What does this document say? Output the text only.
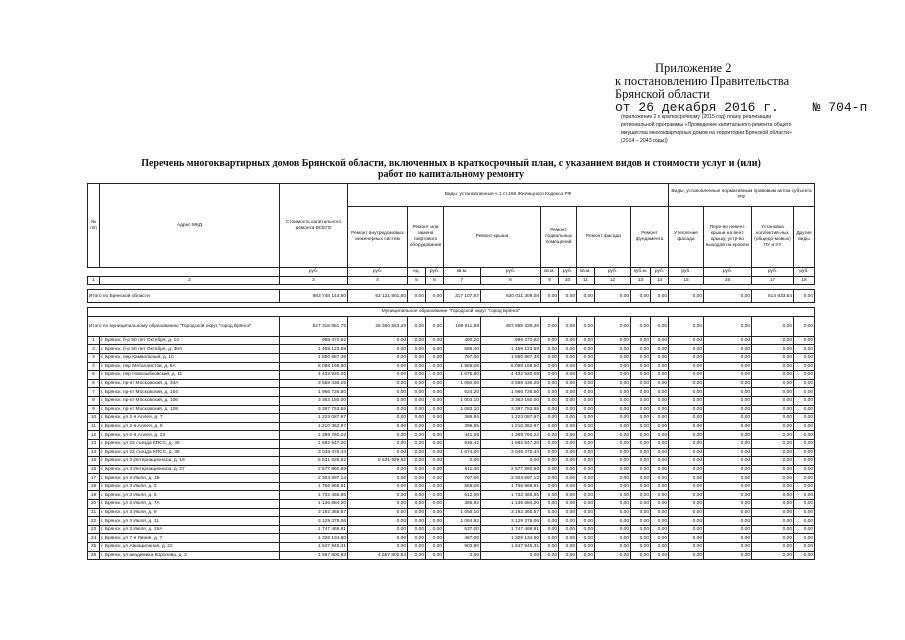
Приложение 2
к постановлению Правительства
Брянской области
от 26 декабря 2016 г.	№ 704-п
(приложение 2 к краткосрочному (2015 год) плану реализации
региональной программы «Проведение капитального ремонта общего
имущества многоквартирных домов на территории Брянской области»
(2014 – 2043 годы))
Перечень многоквартирных домов Брянской области, включенных в краткосрочный план, с указанием видов и стоимости услуг и (или)
работ по капитальному ремонту
№ п/п	Адрес МКД	Стоимость капитального ремонта ВСЕГО	Виды, установленные ч.1 ст.166 Жилищного Кодекса РФ											Виды, установленные нормативным правовым актом субъекта РФ			
			Ремонт внутридомовых инженерных систем	Ремонт или замена лифтового оборудования		Ремонт крыши		Ремонт подвальных помещений		Ремонт фасада		Ремонт фундамента		Утепление фасада	Пере-во невент. крыши на вент. крышу, устр-во выходов на кровлю	Установка коллектив-ных (общедо-мовых) ПУ и УУ	Другие виды
		руб.	руб.	ед.	руб.	кв.м.	руб.	кв.м.	руб.	кв.м.	руб.	куб.м.	руб.	руб.	руб.	руб.	руб.
1	2	3	4	5	6	7	8	9	10	11	12	13	14	15	16	17	18

Итого по Брянской области		893 748 144,50	63 121 901,80	0,00	0,00	317 107,87	830 011 309,08	0,00	0,00	0,00	0,00	0,00	0,00	0,00	0,00	614 933,64	0,00

Муниципальное образование "Городской округ "город Брянск"																	
Итого по муниципальному образованию "Городской округ "город Брянск"		527 318 881,75	26 360 553,29	0,00	0,00	189 811,58	487 958 328,46	0,00	0,00	0,00	0,00	0,00	0,00	0,00	0,00	0,00	0,00
1	г. Брянск, б-р 50 лет Октября, д. 14	998 372,62	0,00	0,00	0,00	490,20	998 372,62	0,00	0,00	0,00	0,00	0,00	0,00	0,00	0,00	0,00	0,00
2	г. Брянск, б-р 50 лет Октября, д. 36А	1 459 123,59	0,00	0,00	0,00	586,40	1 459 123,59	0,00	0,00	0,00	0,00	0,00	0,00	0,00	0,00	0,00	0,00
3	г. Брянск, пер Камвольный, д. 10	1 850 887,38	0,00	0,00	0,00	797,00	1 850 887,38	0,00	0,00	0,00	0,00	0,00	0,00	0,00	0,00	0,00	0,00
4	г. Брянск, пер Металлистов, д. 8А	6 098 168,50	0,00	0,00	0,00	1 959,00	6 098 168,50	0,00	0,00	0,00	0,00	0,00	0,00	0,00	0,00	0,00	0,00
5	г. Брянск, пер Новозыбковский, д. 11	4 432 920,05	0,00	0,00	0,00	1 675,60	4 432 920,05	0,00	0,00	0,00	0,00	0,00	0,00	0,00	0,00	0,00	0,00
6	г. Брянск, пр-кт Московский, д. 34А	3 568 436,25	0,00	0,00	0,00	1 060,00	3 568 436,25	0,00	0,00	0,00	0,00	0,00	0,00	0,00	0,00	0,00	0,00
7	г. Брянск, пр-кт Московский, д. 104	1 966 726,50	0,00	0,00	0,00	624,20	1 966 726,50	0,00	0,00	0,00	0,00	0,00	0,00	0,00	0,00	0,00	0,00
8	г. Брянск, пр-кт Московский, д. 106	3 363 150,00	0,00	0,00	0,00	1 003,10	3 363 150,00	0,00	0,00	0,00	0,00	0,00	0,00	0,00	0,00	0,00	0,00
9	г. Брянск, пр-кт Московский, д. 108	3 397 753,55	0,00	0,00	0,00	1 083,10	3 397 753,55	0,00	0,00	0,00	0,00	0,00	0,00	0,00	0,00	0,00	0,00
10	г. Брянск, ул 2-я Аллея, д. 7	1 223 087,97	0,00	0,00	0,00	386,94	1 223 087,97	0,00	0,00	0,00	0,00	0,00	0,00	0,00	0,00	0,00	0,00
11	г. Брянск, ул 2-я Аллея, д. 9	1 210 362,97	0,00	0,00	0,00	396,65	1 210 362,97	0,00	0,00	0,00	0,00	0,00	0,00	0,00	0,00	0,00	0,00
12	г. Брянск, ул 2-я Аллея, д. 23	1 389 760,22	0,00	0,00	0,00	441,06	1 389 760,22	0,00	0,00	0,00	0,00	0,00	0,00	0,00	0,00	0,00	0,00
13	г. Брянск, ул 22 съезда КПСС, д. 35	1 682 547,20	0,00	0,00	0,00	936,42	1 682 547,20	0,00	0,00	0,00	0,00	0,00	0,00	0,00	0,00	0,00	0,00
14	г. Брянск, ул 22 съезда КПСС, д. 39	3 048 376,44	0,00	0,00	0,00	1 674,00	3 048 376,44	0,00	0,00	0,00	0,00	0,00	0,00	0,00	0,00	0,00	0,00
15	г. Брянск, ул 3 Интернационала, д. 19	5 531 929,82	5 531 929,82	0,00	0,00	0,00	0,00	0,00	0,00	0,00	0,00	0,00	0,00	0,00	0,00	0,00	0,00
16	г. Брянск, ул 3 Интернационала, д. 27	2 577 860,89	0,00	0,00	0,00	811,30	2 577 860,89	0,00	0,00	0,00	0,00	0,00	0,00	0,00	0,00	0,00	0,00
17	г. Брянск, ул 3 Июля, д. 1Б	2 303 697,13	0,00	0,00	0,00	797,00	2 303 697,13	0,00	0,00	0,00	0,00	0,00	0,00	0,00	0,00	0,00	0,00
18	г. Брянск, ул 3 Июля, д. 3	1 766 968,91	0,00	0,00	0,00	559,00	1 766 968,91	0,00	0,00	0,00	0,00	0,00	0,00	0,00	0,00	0,00	0,00
19	г. Брянск, ул 3 Июля, д. 5	1 732 466,85	0,00	0,00	0,00	612,00	1 732 466,85	0,00	0,00	0,00	0,00	0,00	0,00	0,00	0,00	0,00	0,00
20	г. Брянск, ул 3 Июля, д. 7А	1 136 684,20	0,00	0,00	0,00	385,92	1 136 684,20	0,00	0,00	0,00	0,00	0,00	0,00	0,00	0,00	0,00	0,00
21	г. Брянск, ул 3 Июля, д. 9	3 192 365,57	0,00	0,00	0,00	1 055,10	3 192 365,57	0,00	0,00	0,00	0,00	0,00	0,00	0,00	0,00	0,00	0,00
22	г. Брянск, ул 3 Июля, д. 11	3 129 378,06	0,00	0,00	0,00	1 064,92	3 129 378,06	0,00	0,00	0,00	0,00	0,00	0,00	0,00	0,00	0,00	0,00
23	г. Брянск, ул 3 Июля, д. 19А	1 747 469,81	0,00	0,00	0,00	537,00	1 747 469,81	0,00	0,00	0,00	0,00	0,00	0,00	0,00	0,00	0,00	0,00
24	г. Брянск, ул 7-я Линия, д. 7	1 326 134,60	0,00	0,00	0,00	467,00	1 326 134,60	0,00	0,00	0,00	0,00	0,00	0,00	0,00	0,00	0,00	0,00
25	г. Брянск, ул Авиационная, д. 22	1 647 945,31	0,00	0,00	0,00	903,90	1 647 945,31	0,00	0,00	0,00	0,00	0,00	0,00	0,00	0,00	0,00	0,00
26	г. Брянск, ул академика Королева, д. 2	4 567 800,63	4 567 800,63	0,00	0,00	0,00	0,00	0,00	0,00	0,00	0,00	0,00	0,00	0,00	0,00	0,00	0,00
